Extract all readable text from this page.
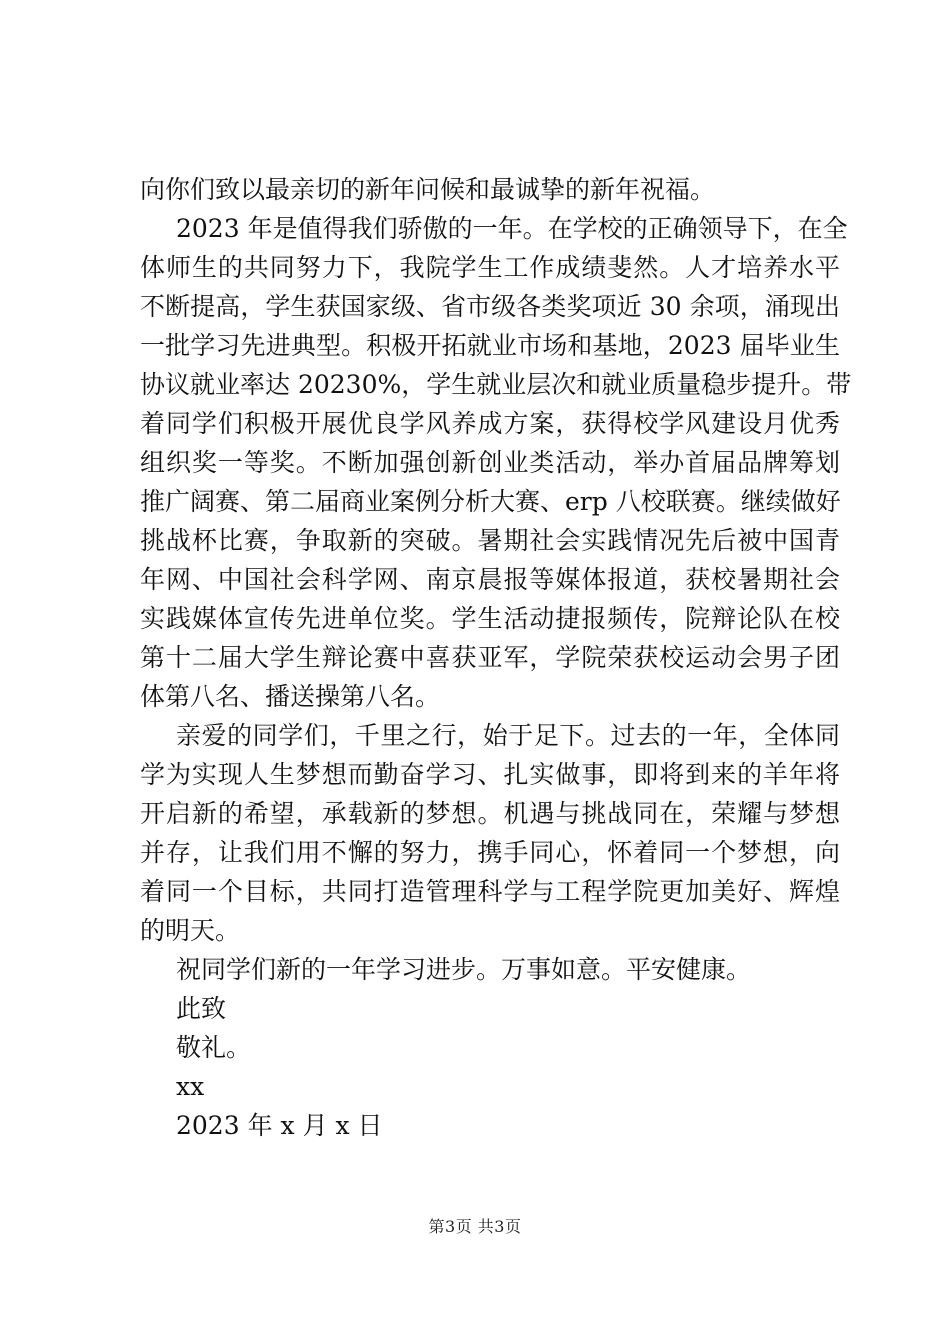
向你们致以最亲切的新年问候和最诚挚的新年祝福。
2023 年是值得我们骄傲的一年。在学校的正确领导下，在全
体师生的共同努力下，我院学生工作成绩斐然。人才培养水平
不断提高，学生获国家级、省市级各类奖项近 30 余项，涌现出
一批学习先进典型。积极开拓就业市场和基地，2023 届毕业生
协议就业率达 20230%，学生就业层次和就业质量稳步提升。带
着同学们积极开展优良学风养成方案，获得校学风建设月优秀
组织奖一等奖。不断加强创新创业类活动，举办首届品牌筹划
推广阔赛、第二届商业案例分析大赛、erp 八校联赛。继续做好
挑战杯比赛，争取新的突破。暑期社会实践情况先后被中国青
年网、中国社会科学网、南京晨报等媒体报道，获校暑期社会
实践媒体宣传先进单位奖。学生活动捷报频传，院辩论队在校
第十二届大学生辩论赛中喜获亚军，学院荣获校运动会男子团
体第八名、播送操第八名。
亲爱的同学们，千里之行，始于足下。过去的一年，全体同
学为实现人生梦想而勤奋学习、扎实做事，即将到来的羊年将
开启新的希望，承载新的梦想。机遇与挑战同在，荣耀与梦想
并存，让我们用不懈的努力，携手同心，怀着同一个梦想，向
着同一个目标，共同打造管理科学与工程学院更加美好、辉煌
的明天。
祝同学们新的一年学习进步。万事如意。平安健康。
此致
敬礼。
xx
2023 年 x 月 x 日
第3页 共3页
